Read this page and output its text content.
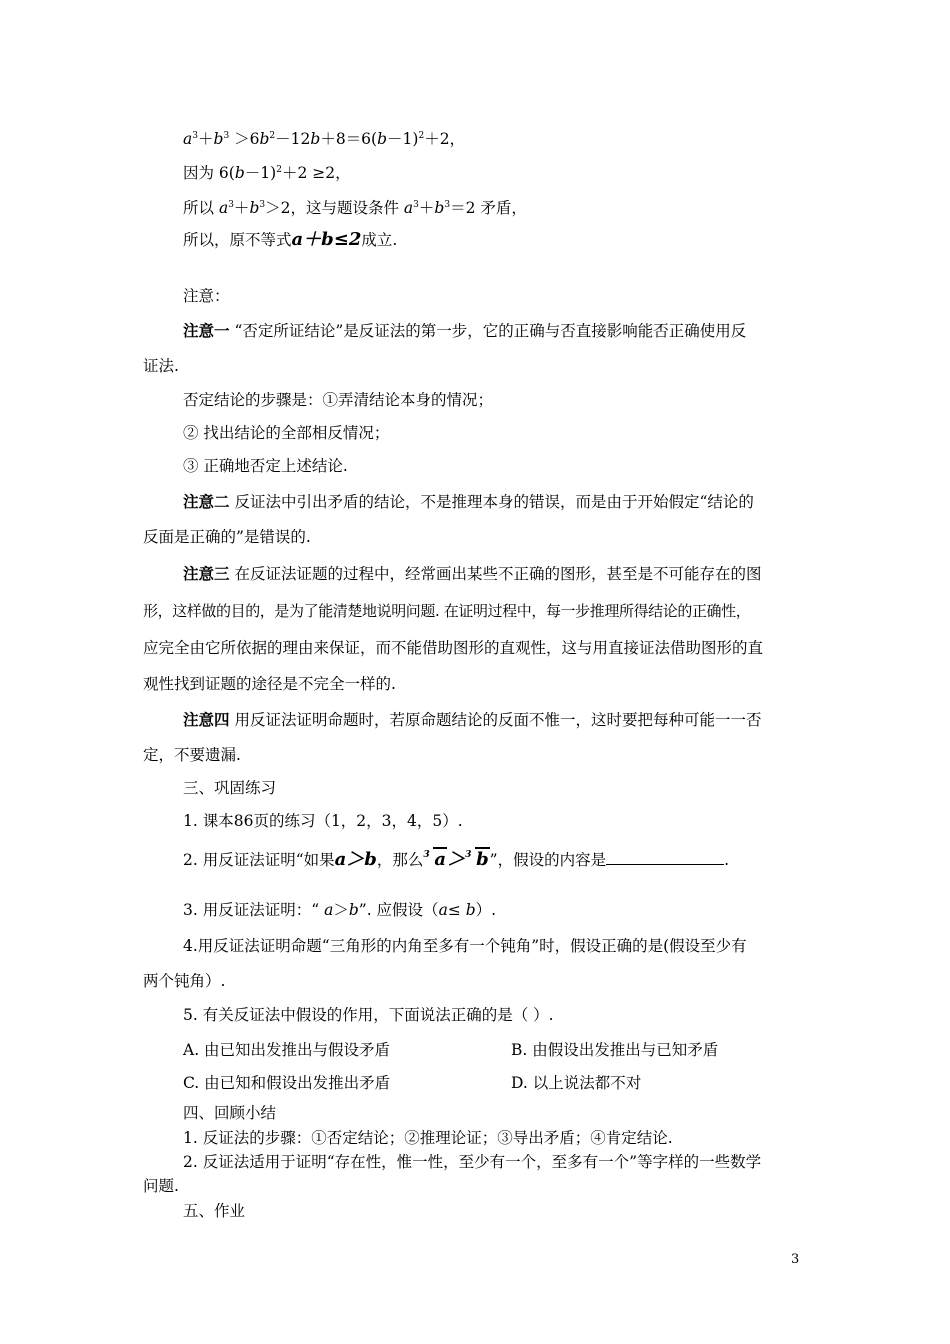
$a^3+b^3 >6b^2-12b+8=6(b-1)^2+2$，
因为 $6(b-1)^2+2 \ge 2$，
所以 $a^3+b^3>2$，这与题设条件 $a^3+b^3=2$ 矛盾，
所以，原不等式a＋b≤2成立.
注意：
注意一 “否定所证结论”是反证法的第一步，它的正确与否直接影响能否正确使用反
证法.
否定结论的步骤是：①弄清结论本身的情况；
② 找出结论的全部相反情况；
③ 正确地否定上述结论.
注意二 反证法中引出矛盾的结论，不是推理本身的错误，而是由于开始假定“结论的
反面是正确的”是错误的.
注意三 在反证法证题的过程中，经常画出某些不正确的图形，甚至是不可能存在的图
形，这样做的目的，是为了能清楚地说明问题. 在证明过程中，每一步推理所得结论的正确性，
应完全由它所依据的理由来保证，而不能借助图形的直观性，这与用直接证法借助图形的直
观性找到证题的途径是不完全一样的.
注意四 用反证法证明命题时，若原命题结论的反面不惟一，这时要把每种可能一一否
定，不要遗漏.
三、巩固练习
1. 课本86页的练习（1，2，3，4，5）.
2. 用反证法证明“如果a＞b，那么 3 a＞ 3 b”，假设的内容是	.
3. 用反证法证明：“ a＞b”. 应假设（a≤ b）.
4.用反证法证明命题“三角形的内角至多有一个钝角”时，假设正确的是(假设至少有
两个钝角）.
5. 有关反证法中假设的作用，下面说法正确的是（ ）.
A. 由已知出发推出与假设矛盾	B. 由假设出发推出与已知矛盾
C. 由已知和假设出发推出矛盾	D. 以上说法都不对
四、回顾小结
1. 反证法的步骤：①否定结论；②推理论证；③导出矛盾；④肯定结论.
2. 反证法适用于证明“存在性，惟一性，至少有一个，至多有一个”等字样的一些数学
问题.
五、作业
3
